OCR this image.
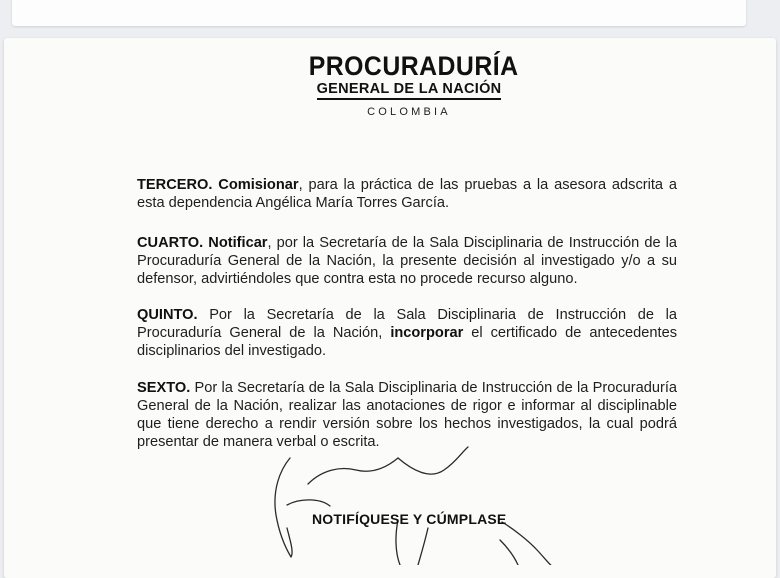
PROCURADURÍA
GENERAL DE LA NACIÓN
COLOMBIA
TERCERO. Comisionar, para la práctica de las pruebas a la asesora adscrita a esta dependencia Angélica María Torres García.
CUARTO. Notificar, por la Secretaría de la Sala Disciplinaria de Instrucción de la Procuraduría General de la Nación, la presente decisión al investigado y/o a su defensor, advirtiéndoles que contra esta no procede recurso alguno.
QUINTO. Por la Secretaría de la Sala Disciplinaria de Instrucción de la Procuraduría General de la Nación, incorporar el certificado de antecedentes disciplinarios del investigado.
SEXTO. Por la Secretaría de la Sala Disciplinaria de Instrucción de la Procuraduría General de la Nación, realizar las anotaciones de rigor e informar al disciplinable que tiene derecho a rendir versión sobre los hechos investigados, la cual podrá presentar de manera verbal o escrita.
NOTIFÍQUESE Y CÚMPLASE
